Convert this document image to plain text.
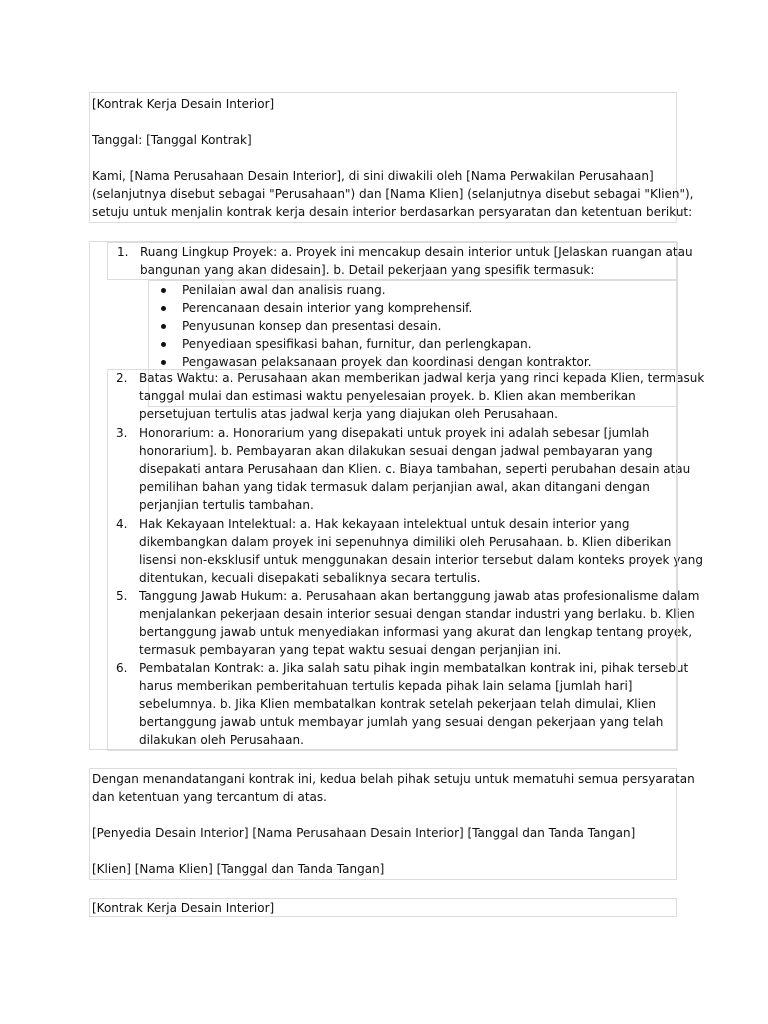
[Kontrak Kerja Desain Interior]
Tanggal: [Tanggal Kontrak]
Kami, [Nama Perusahaan Desain Interior], di sini diwakili oleh [Nama Perwakilan Perusahaan]
(selanjutnya disebut sebagai "Perusahaan") dan [Nama Klien] (selanjutnya disebut sebagai "Klien"),
setuju untuk menjalin kontrak kerja desain interior berdasarkan persyaratan dan ketentuan berikut:
1. Ruang Lingkup Proyek: a. Proyek ini mencakup desain interior untuk [Jelaskan ruangan atau
bangunan yang akan didesain]. b. Detail pekerjaan yang spesifik termasuk:
Penilaian awal dan analisis ruang.
Perencanaan desain interior yang komprehensif.
Penyusunan konsep dan presentasi desain.
Penyediaan spesifikasi bahan, furnitur, dan perlengkapan.
Pengawasan pelaksanaan proyek dan koordinasi dengan kontraktor.
2. Batas Waktu: a. Perusahaan akan memberikan jadwal kerja yang rinci kepada Klien, termasuk
tanggal mulai dan estimasi waktu penyelesaian proyek. b. Klien akan memberikan
persetujuan tertulis atas jadwal kerja yang diajukan oleh Perusahaan.
3. Honorarium: a. Honorarium yang disepakati untuk proyek ini adalah sebesar [jumlah
honorarium]. b. Pembayaran akan dilakukan sesuai dengan jadwal pembayaran yang
disepakati antara Perusahaan dan Klien. c. Biaya tambahan, seperti perubahan desain atau
pemilihan bahan yang tidak termasuk dalam perjanjian awal, akan ditangani dengan
perjanjian tertulis tambahan.
4. Hak Kekayaan Intelektual: a. Hak kekayaan intelektual untuk desain interior yang
dikembangkan dalam proyek ini sepenuhnya dimiliki oleh Perusahaan. b. Klien diberikan
lisensi non-eksklusif untuk menggunakan desain interior tersebut dalam konteks proyek yang
ditentukan, kecuali disepakati sebaliknya secara tertulis.
5. Tanggung Jawab Hukum: a. Perusahaan akan bertanggung jawab atas profesionalisme dalam
menjalankan pekerjaan desain interior sesuai dengan standar industri yang berlaku. b. Klien
bertanggung jawab untuk menyediakan informasi yang akurat dan lengkap tentang proyek,
termasuk pembayaran yang tepat waktu sesuai dengan perjanjian ini.
6. Pembatalan Kontrak: a. Jika salah satu pihak ingin membatalkan kontrak ini, pihak tersebut
harus memberikan pemberitahuan tertulis kepada pihak lain selama [jumlah hari]
sebelumnya. b. Jika Klien membatalkan kontrak setelah pekerjaan telah dimulai, Klien
bertanggung jawab untuk membayar jumlah yang sesuai dengan pekerjaan yang telah
dilakukan oleh Perusahaan.
Dengan menandatangani kontrak ini, kedua belah pihak setuju untuk mematuhi semua persyaratan
dan ketentuan yang tercantum di atas.
[Penyedia Desain Interior] [Nama Perusahaan Desain Interior] [Tanggal dan Tanda Tangan]
[Klien] [Nama Klien] [Tanggal dan Tanda Tangan]
[Kontrak Kerja Desain Interior]
